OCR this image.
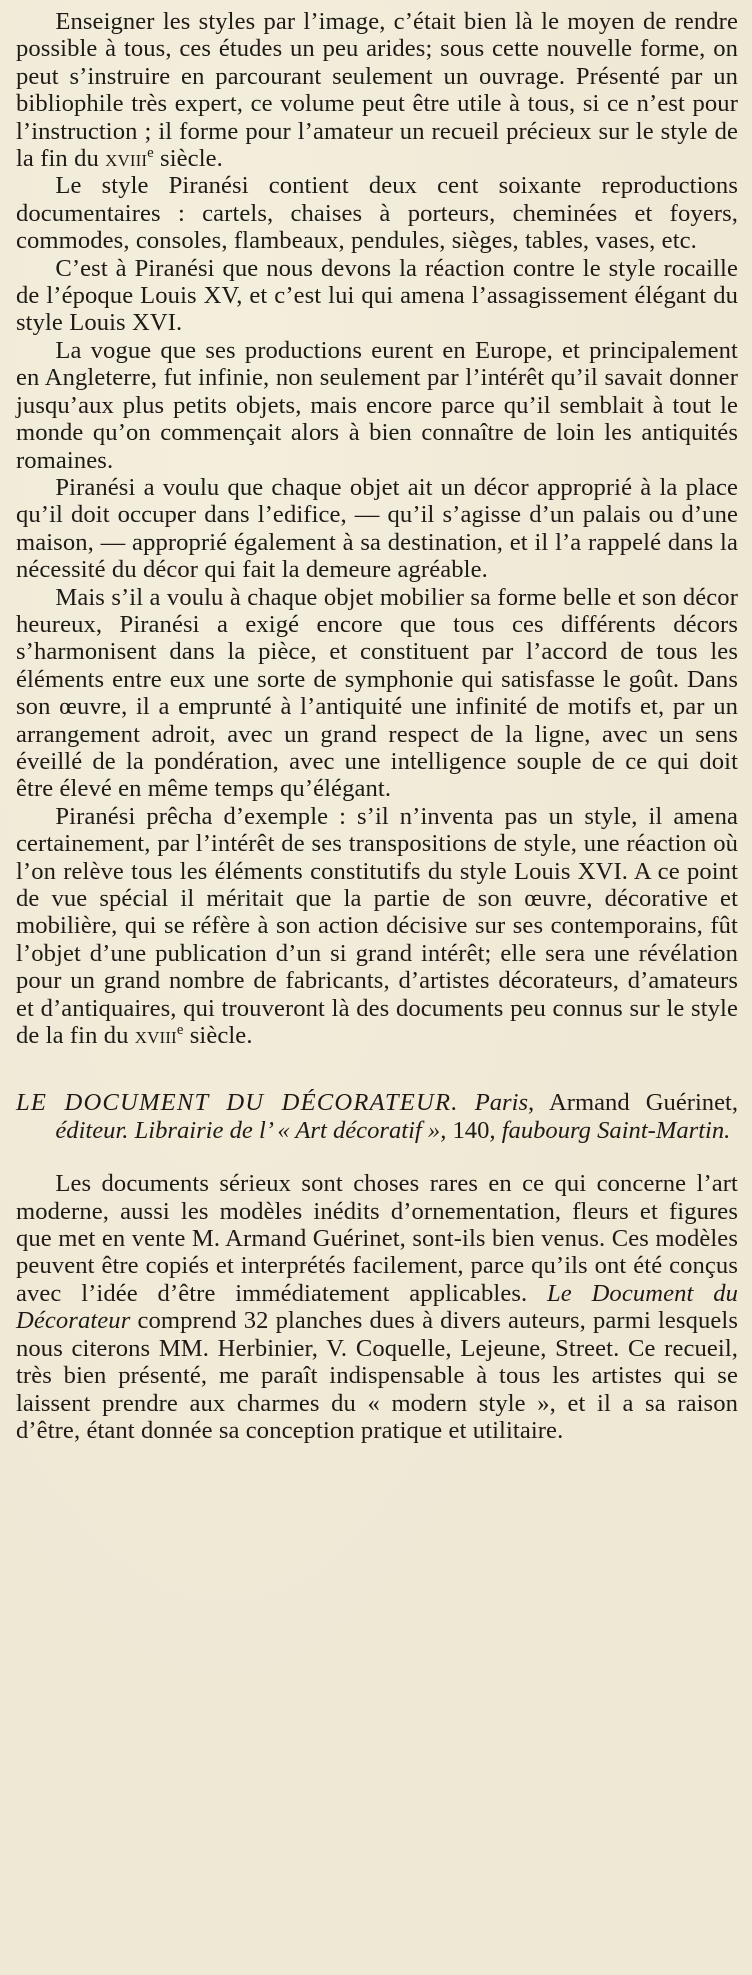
Enseigner les styles par l’image, c’était bien là le moyen de rendre possible à tous, ces études un peu arides; sous cette nouvelle forme, on peut s’instruire en parcourant seulement un ouvrage. Présenté par un bibliophile très expert, ce volume peut être utile à tous, si ce n’est pour l’instruction ; il forme pour l’amateur un recueil précieux sur le style de la fin du xviii$^e$ siècle.

Le style Piranési contient deux cent soixante reproductions documentaires : cartels, chaises à porteurs, cheminées et foyers, commodes, consoles, flambeaux, pendules, sièges, tables, vases, etc.

C’est à Piranési que nous devons la réaction contre le style rocaille de l’époque Louis XV, et c’est lui qui amena l’assagissement élégant du style Louis XVI.

La vogue que ses productions eurent en Europe, et principalement en Angleterre, fut infinie, non seulement par l’intérêt qu’il savait donner jusqu’aux plus petits objets, mais encore parce qu’il semblait à tout le monde qu’on commençait alors à bien connaître de loin les antiquités romaines.

Piranési a voulu que chaque objet ait un décor approprié à la place qu’il doit occuper dans l’edifice, — qu’il s’agisse d’un palais ou d’une maison, — approprié également à sa destination, et il l’a rappelé dans la nécessité du décor qui fait la demeure agréable.

Mais s’il a voulu à chaque objet mobilier sa forme belle et son décor heureux, Piranési a exigé encore que tous ces différents décors s’harmonisent dans la pièce, et constituent par l’accord de tous les éléments entre eux une sorte de symphonie qui satisfasse le goût. Dans son œuvre, il a emprunté à l’antiquité une infinité de motifs et, par un arrangement adroit, avec un grand respect de la ligne, avec un sens éveillé de la pondération, avec une intelligence souple de ce qui doit être élevé en même temps qu’élégant.

Piranési prêcha d’exemple : s’il n’inventa pas un style, il amena certainement, par l’intérêt de ses transpositions de style, une réaction où l’on relève tous les éléments constitutifs du style Louis XVI. A ce point de vue spécial il méritait que la partie de son œuvre, décorative et mobilière, qui se réfère à son action décisive sur ses contemporains, fût l’objet d’une publication d’un si grand intérêt; elle sera une révélation pour un grand nombre de fabricants, d’artistes décorateurs, d’amateurs et d’antiquaires, qui trouveront là des documents peu connus sur le style de la fin du xviii$^e$ siècle.

LE DOCUMENT DU DÉCORATEUR. Paris, Armand Guérinet, éditeur. Librairie de l’ « Art décoratif », 140, faubourg Saint-Martin.

Les documents sérieux sont choses rares en ce qui concerne l’art moderne, aussi les modèles inédits d’ornementation, fleurs et figures que met en vente M. Armand Guérinet, sont-ils bien venus. Ces modèles peuvent être copiés et interprétés facilement, parce qu’ils ont été conçus avec l’idée d’être immédiatement applicables. Le Document du Décorateur comprend 32 planches dues à divers auteurs, parmi lesquels nous citerons MM. Herbinier, V. Coquelle, Lejeune, Street. Ce recueil, très bien présenté, me paraît indispensable à tous les artistes qui se laissent prendre aux charmes du « modern style », et il a sa raison d’être, étant donnée sa conception pratique et utilitaire.
